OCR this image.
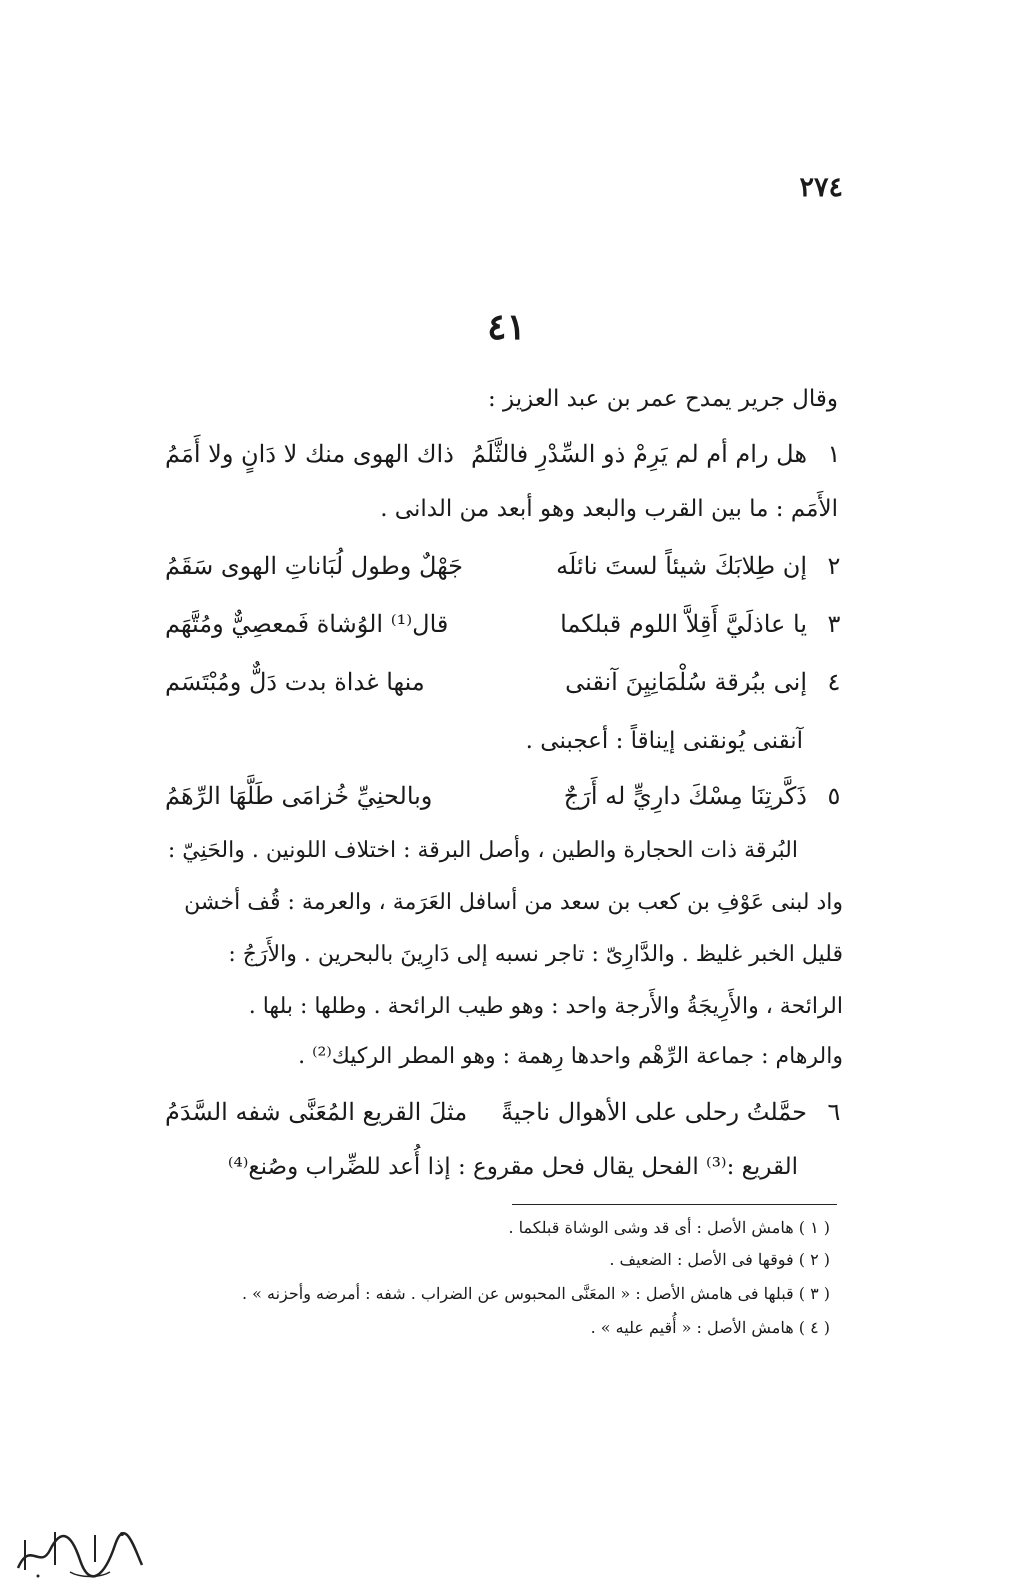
٢٧٤
٤١
وقال جرير يمدح عمر بن عبد العزيز :
١
هل رام أم لم يَرِمْ ذو السِّدْرِ فالثَّلَمُ
ذاك الهوى منك لا دَانٍ ولا أَمَمُ
الأَمَم : ما بين القرب والبعد وهو أبعد من الدانى .
٢
إن طِلابَكَ شيئاً لستَ نائلَه
جَهْلٌ وطول لُبَاناتِ الهوى سَقَمُ
٣
يا عاذلَيَّ أَقِلاَّ اللوم قبلكما
قال⁽¹⁾ الوُشاة فَمعصِيٌّ ومُتَّهَم
٤
إنى ببُرقة سُلْمَانِيِنَ آنقنى
منها غداة بدت دَلٌّ ومُبْتَسَم
آنقنى يُونقنى إيناقاً : أعجبنى .
٥
ذَكَّرتِنَا مِسْكَ دارِيٍّ له أَرَجٌ
وبالحنِيِّ خُزامَى طَلَّهَا الرِّهَمُ
البُرقة ذات الحجارة والطين ، وأصل البرقة : اختلاف اللونين . والحَنِيّ :
واد لبنى عَوْفِ بن كعب بن سعد من أسافل العَرَمة ، والعرمة : قُف أخشن
قليل الخبر غليظ . والدَّارِىّ : تاجر نسبه إلى دَارِينَ بالبحرين . والأَرَجُ :
الرائحة ، والأَرِيجَةُ والأَرجة واحد : وهو طيب الرائحة . وطلها : بلها .
والرهام : جماعة الرِّهْم واحدها رِهمة : وهو المطر الركيك⁽²⁾ .
٦
حمَّلتُ رحلى على الأهوال ناجيةً
مثلَ القريع المُعَنَّى شفه السَّدَمُ
القريع :⁽³⁾ الفحل يقال فحل مقروع : إذا أُعد للضِّراب وصُنع⁽⁴⁾
( ١ ) هامش الأصل : أى قد وشى الوشاة قبلكما .
( ٢ ) فوقها فى الأصل : الضعيف .
( ٣ ) قبلها فى هامش الأصل : « المعَنَّى المحبوس عن الضراب . شفه : أمرضه وأحزنه » .
( ٤ ) هامش الأصل : « أُقيم عليه » .
